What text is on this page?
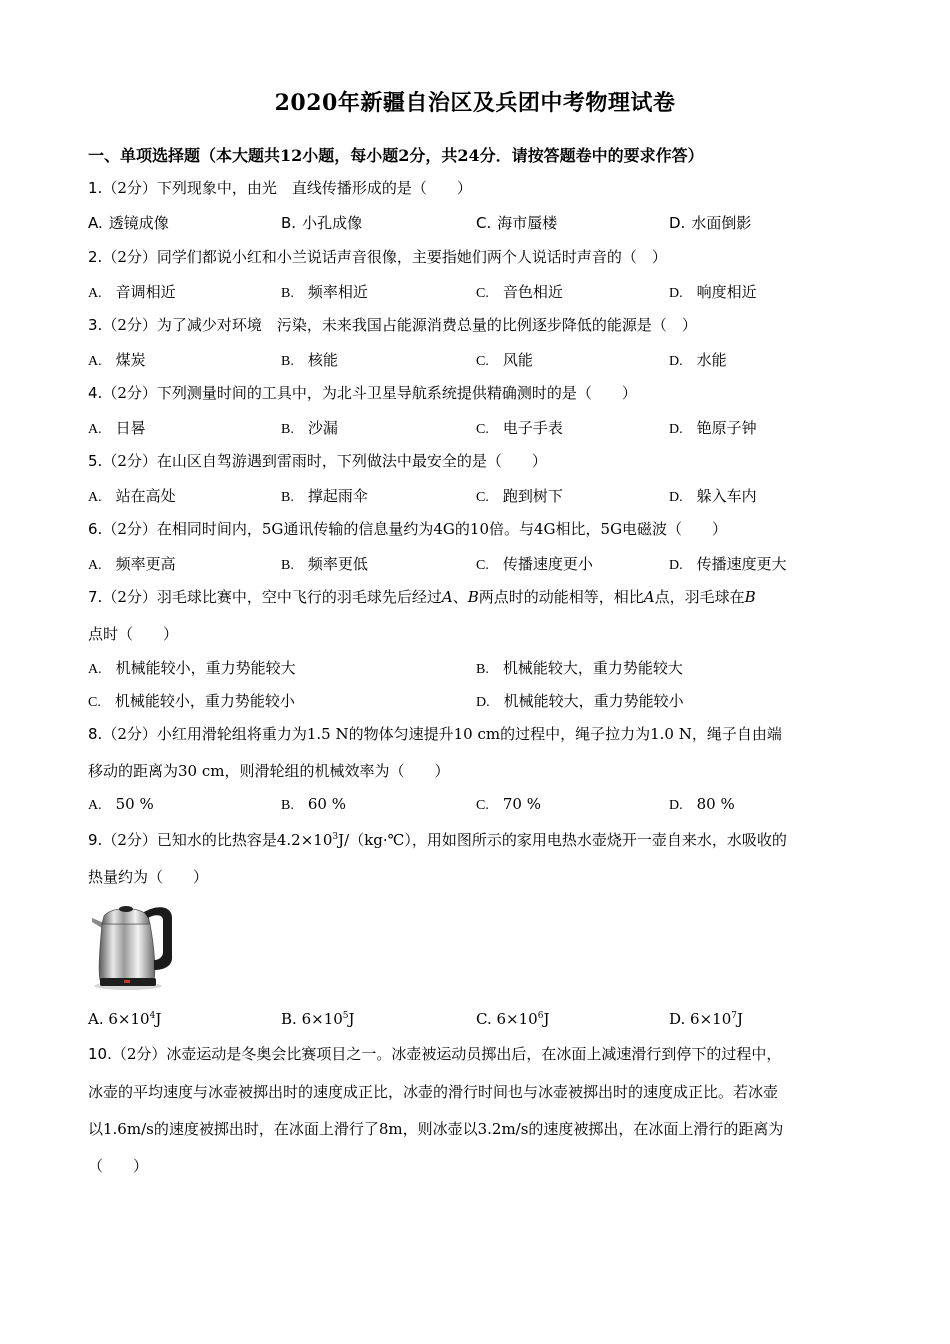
2020年新疆自治区及兵团中考物理试卷
一、单项选择题（本大题共12小题，每小题2分，共24分．请按答题卷中的要求作答）
1.（2分）下列现象中，由光　直线传播形成的是（　　）
A. 透镜成像	B. 小孔成像	C. 海市蜃楼	D. 水面倒影
2.（2分）同学们都说小红和小兰说话声音很像，主要指她们两个人说话时声音的（　）
A. 音调相近	B. 频率相近	C. 音色相近	D. 响度相近
3.（2分）为了减少对环境　污染，未来我国占能源消费总量的比例逐步降低的能源是（　）
A. 煤炭	B. 核能	C. 风能	D. 水能
4.（2分）下列测量时间的工具中，为北斗卫星导航系统提供精确测时的是（　　）
A. 日晷	B. 沙漏	C. 电子手表	D. 铯原子钟
5.（2分）在山区自驾游遇到雷雨时，下列做法中最安全的是（　　）
A. 站在高处	B. 撑起雨伞	C. 跑到树下	D. 躲入车内
6.（2分）在相同时间内，5G通讯传输的信息量约为4G的10倍。与4G相比，5G电磁波（　　）
A. 频率更高	B. 频率更低	C. 传播速度更小	D. 传播速度更大
7.（2分）羽毛球比赛中，空中飞行的羽毛球先后经过A、B两点时的动能相等，相比A点，羽毛球在B
点时（　　）
A. 机械能较小，重力势能较大	B. 机械能较大，重力势能较大
C. 机械能较小，重力势能较小	D. 机械能较大，重力势能较小
8.（2分）小红用滑轮组将重力为1.5 N的物体匀速提升10 cm的过程中，绳子拉力为1.0 N，绳子自由端
移动的距离为30 cm，则滑轮组的机械效率为（　　）
A. 50 %	B. 60 %	C. 70 %	D. 80 %
9.（2分）已知水的比热容是$4.2\times 10^3J/(kg\cdot℃)$，用如图所示的家用电热水壶烧开一壶自来水，水吸收的
热量约为（　　）
A. $6\times 10^4J$	B. $6\times 10^5J$	C. $6\times 10^6J$	D. $6\times 10^7J$
10.（2分）冰壶运动是冬奥会比赛项目之一。冰壶被运动员掷出后，在冰面上减速滑行到停下的过程中，
冰壶的平均速度与冰壶被掷出时的速度成正比，冰壶的滑行时间也与冰壶被掷出时的速度成正比。若冰壶
以1.6m/s的速度被掷出时，在冰面上滑行了8m，则冰壶以3.2m/s的速度被掷出，在冰面上滑行的距离为
（　　）
